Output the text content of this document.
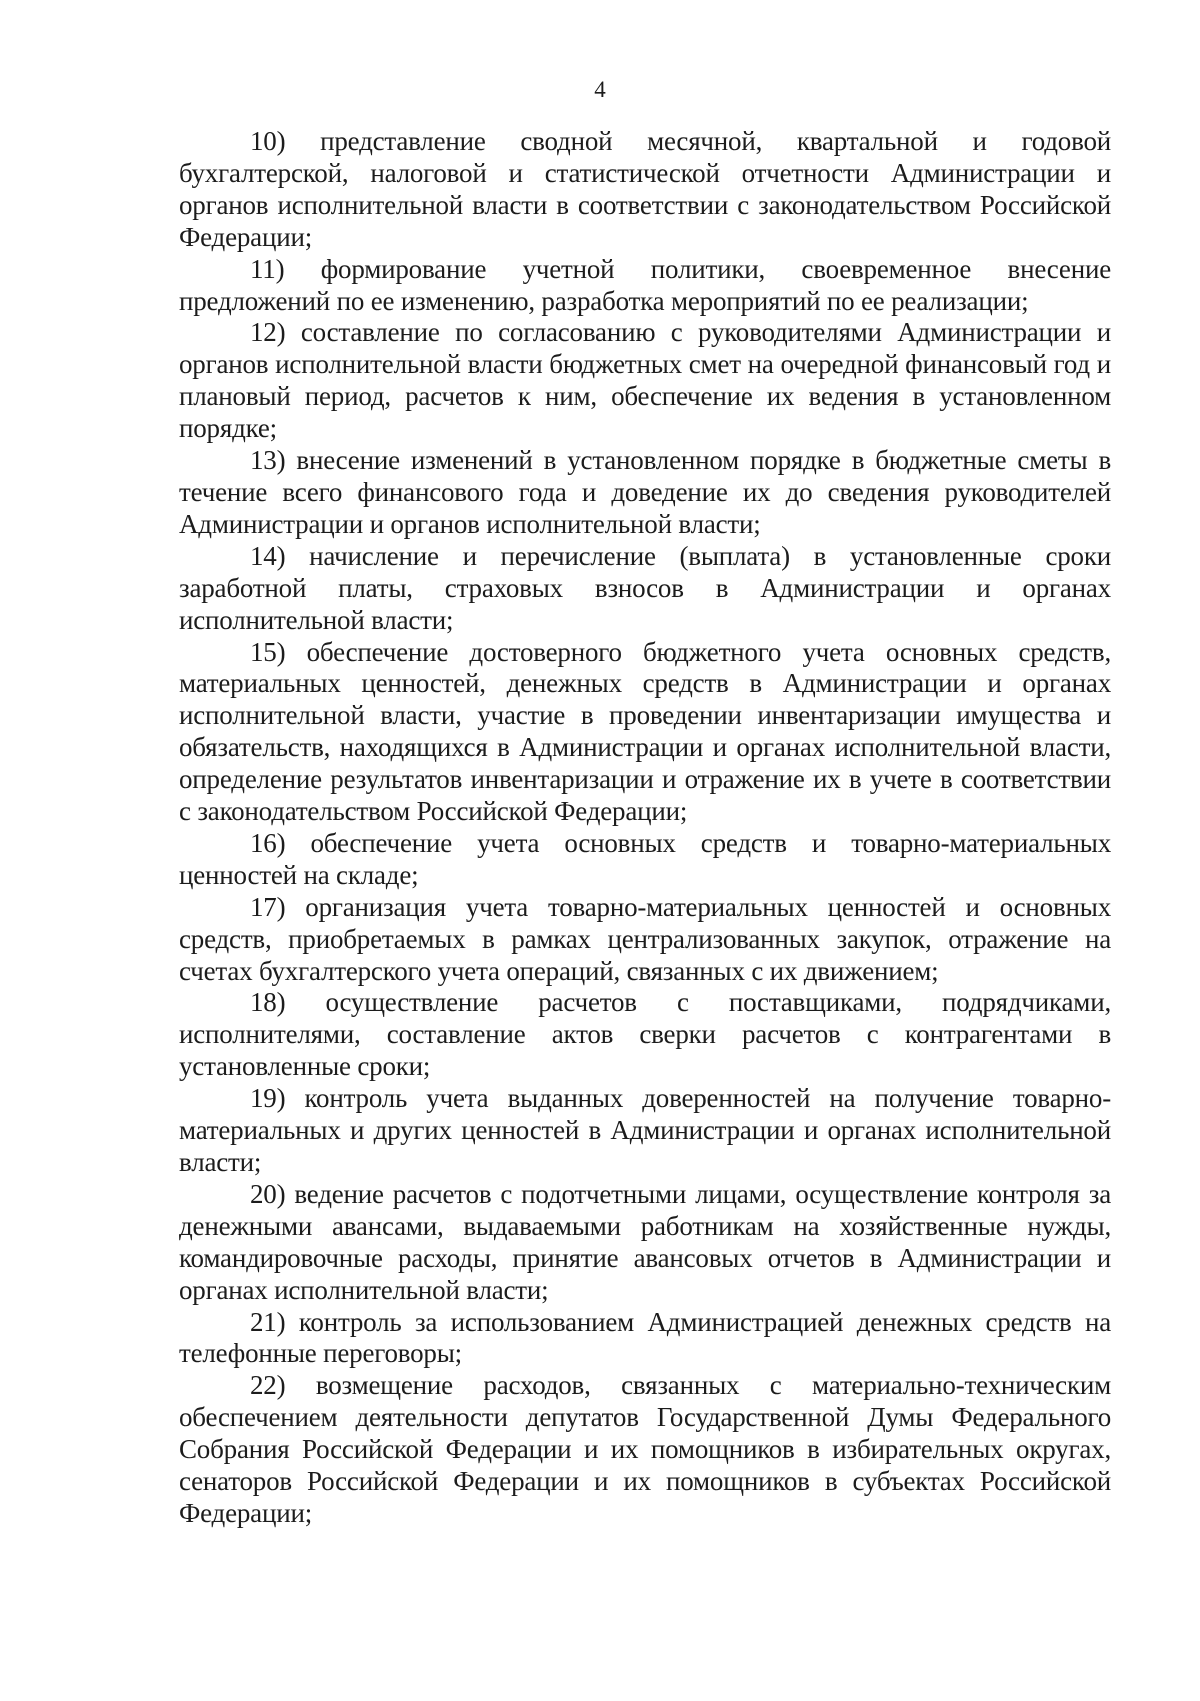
4

10) представление сводной месячной, квартальной и годовой бухгалтерской, налоговой и статистической отчетности Администрации и органов исполнительной власти в соответствии с законодательством Российской Федерации;

11) формирование учетной политики, своевременное внесение предложений по ее изменению, разработка мероприятий по ее реализации;

12) составление по согласованию с руководителями Администрации и органов исполнительной власти бюджетных смет на очередной финансовый год и плановый период, расчетов к ним, обеспечение их ведения в установленном порядке;

13) внесение изменений в установленном порядке в бюджетные сметы в течение всего финансового года и доведение их до сведения руководителей Администрации и органов исполнительной власти;

14) начисление и перечисление (выплата) в установленные сроки заработной платы, страховых взносов в Администрации и органах исполнительной власти;

15) обеспечение достоверного бюджетного учета основных средств, материальных ценностей, денежных средств в Администрации и органах исполнительной власти, участие в проведении инвентаризации имущества и обязательств, находящихся в Администрации и органах исполнительной власти, определение результатов инвентаризации и отражение их в учете в соответствии с законодательством Российской Федерации;

16) обеспечение учета основных средств и товарно-материальных ценностей на складе;

17) организация учета товарно-материальных ценностей и основных средств, приобретаемых в рамках централизованных закупок, отражение на счетах бухгалтерского учета операций, связанных с их движением;

18) осуществление расчетов с поставщиками, подрядчиками, исполнителями, составление актов сверки расчетов с контрагентами в установленные сроки;

19) контроль учета выданных доверенностей на получение товарно-материальных и других ценностей в Администрации и органах исполнительной власти;

20) ведение расчетов с подотчетными лицами, осуществление контроля за денежными авансами, выдаваемыми работникам на хозяйственные нужды, командировочные расходы, принятие авансовых отчетов в Администрации и органах исполнительной власти;

21) контроль за использованием Администрацией денежных средств на телефонные переговоры;

22) возмещение расходов, связанных с материально-техническим обеспечением деятельности депутатов Государственной Думы Федерального Собрания Российской Федерации и их помощников в избирательных округах, сенаторов Российской Федерации и их помощников в субъектах Российской Федерации;
